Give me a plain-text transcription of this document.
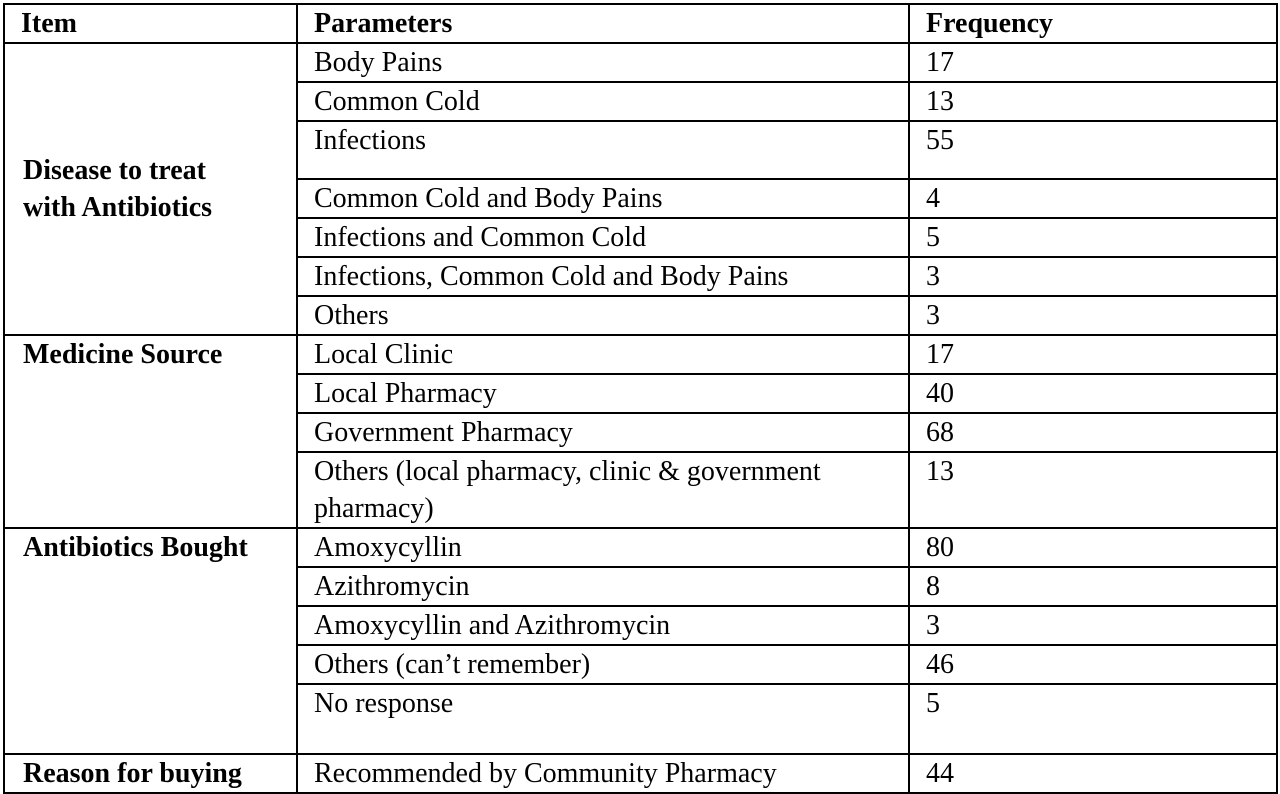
Item	Parameters	Frequency
Disease to treat with Antibiotics	Body Pains	17
	Common Cold	13
	Infections	55
	Common Cold and Body Pains	4
	Infections and Common Cold	5
	Infections, Common Cold and Body Pains	3
	Others	3
Medicine Source	Local Clinic	17
	Local Pharmacy	40
	Government Pharmacy	68
	Others (local pharmacy, clinic & government pharmacy)	13
Antibiotics Bought	Amoxycyllin	80
	Azithromycin	8
	Amoxycyllin and Azithromycin	3
	Others (can’t remember)	46
	No response	5
Reason for buying	Recommended by Community Pharmacy	44
